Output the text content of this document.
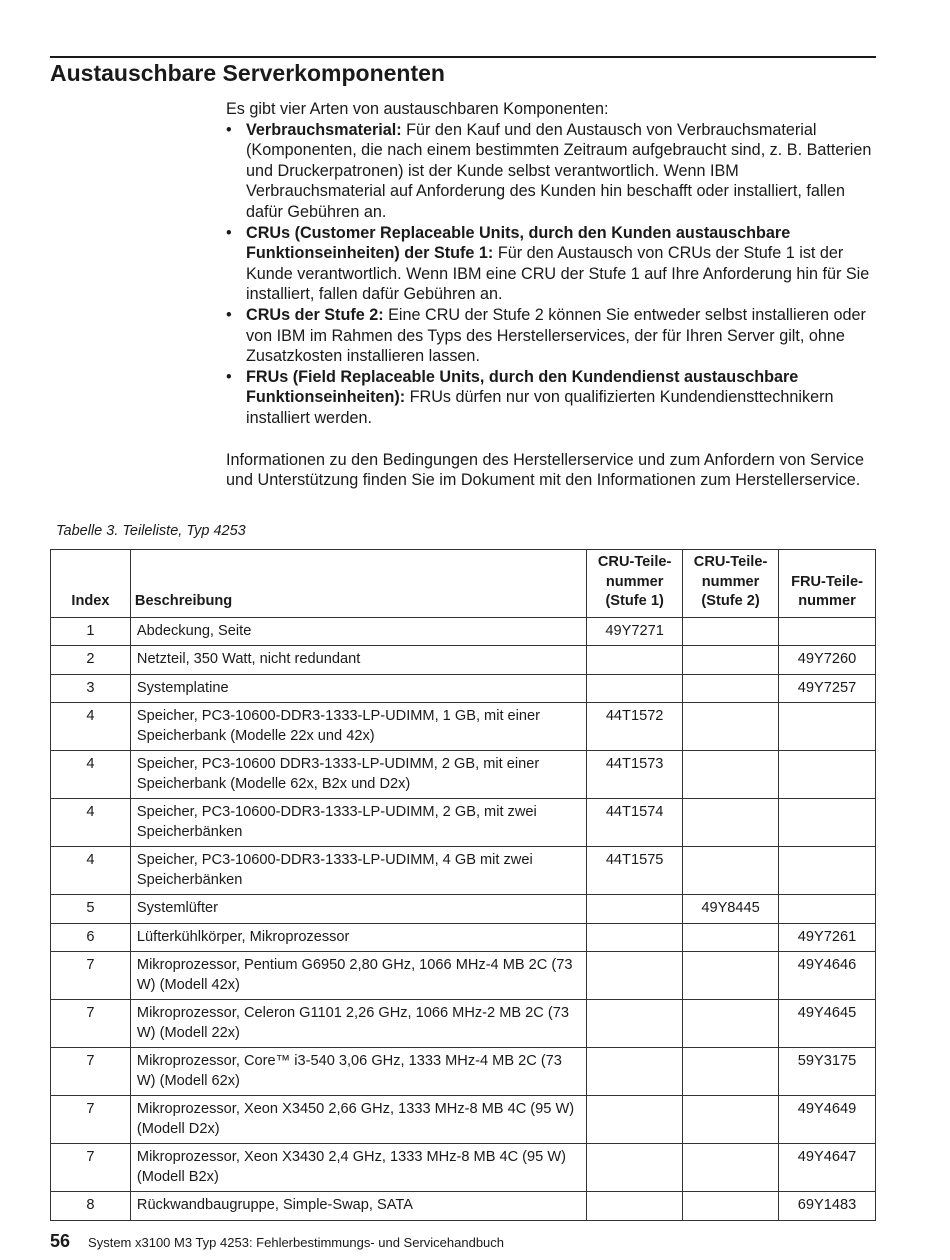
Austauschbare Serverkomponenten

Es gibt vier Arten von austauschbaren Komponenten:

• Verbrauchsmaterial: Für den Kauf und den Austausch von Verbrauchsmaterial (Komponenten, die nach einem bestimmten Zeitraum aufgebraucht sind, z. B. Batterien und Druckerpatronen) ist der Kunde selbst verantwortlich. Wenn IBM Verbrauchsmaterial auf Anforderung des Kunden hin beschafft oder installiert, fallen dafür Gebühren an.
• CRUs (Customer Replaceable Units, durch den Kunden austauschbare Funktionseinheiten) der Stufe 1: Für den Austausch von CRUs der Stufe 1 ist der Kunde verantwortlich. Wenn IBM eine CRU der Stufe 1 auf Ihre Anforderung hin für Sie installiert, fallen dafür Gebühren an.
• CRUs der Stufe 2: Eine CRU der Stufe 2 können Sie entweder selbst installieren oder von IBM im Rahmen des Typs des Herstellerservices, der für Ihren Server gilt, ohne Zusatzkosten installieren lassen.
• FRUs (Field Replaceable Units, durch den Kundendienst austauschbare Funktionseinheiten): FRUs dürfen nur von qualifizierten Kundendiensttechnikern installiert werden.

Informationen zu den Bedingungen des Herstellerservice und zum Anfordern von Service und Unterstützung finden Sie im Dokument mit den Informationen zum Herstellerservice.

Tabelle 3. Teileliste, Typ 4253
Index	Beschreibung	CRU-Teile-nummer (Stufe 1)	CRU-Teile-nummer (Stufe 2)	FRU-Teile-nummer
1	Abdeckung, Seite	49Y7271		
2	Netzteil, 350 Watt, nicht redundant			49Y7260
3	Systemplatine			49Y7257
4	Speicher, PC3-10600-DDR3-1333-LP-UDIMM, 1 GB, mit einer Speicherbank (Modelle 22x und 42x)	44T1572		
4	Speicher, PC3-10600 DDR3-1333-LP-UDIMM, 2 GB, mit einer Speicherbank (Modelle 62x, B2x und D2x)	44T1573		
4	Speicher, PC3-10600-DDR3-1333-LP-UDIMM, 2 GB, mit zwei Speicherbänken	44T1574		
4	Speicher, PC3-10600-DDR3-1333-LP-UDIMM, 4 GB mit zwei Speicherbänken	44T1575		
5	Systemlüfter		49Y8445	
6	Lüfterkühlkörper, Mikroprozessor			49Y7261
7	Mikroprozessor, Pentium G6950 2,80 GHz, 1066 MHz-4 MB 2C (73 W) (Modell 42x)			49Y4646
7	Mikroprozessor, Celeron G1101 2,26 GHz, 1066 MHz-2 MB 2C (73 W) (Modell 22x)			49Y4645
7	Mikroprozessor, Core™ i3-540 3,06 GHz, 1333 MHz-4 MB 2C (73 W) (Modell 62x)			59Y3175
7	Mikroprozessor, Xeon X3450 2,66 GHz, 1333 MHz-8 MB 4C (95 W) (Modell D2x)			49Y4649
7	Mikroprozessor, Xeon X3430 2,4 GHz, 1333 MHz-8 MB 4C (95 W) (Modell B2x)			49Y4647
8	Rückwandbaugruppe, Simple-Swap, SATA			69Y1483
56 System x3100 M3 Typ 4253: Fehlerbestimmungs- und Servicehandbuch
